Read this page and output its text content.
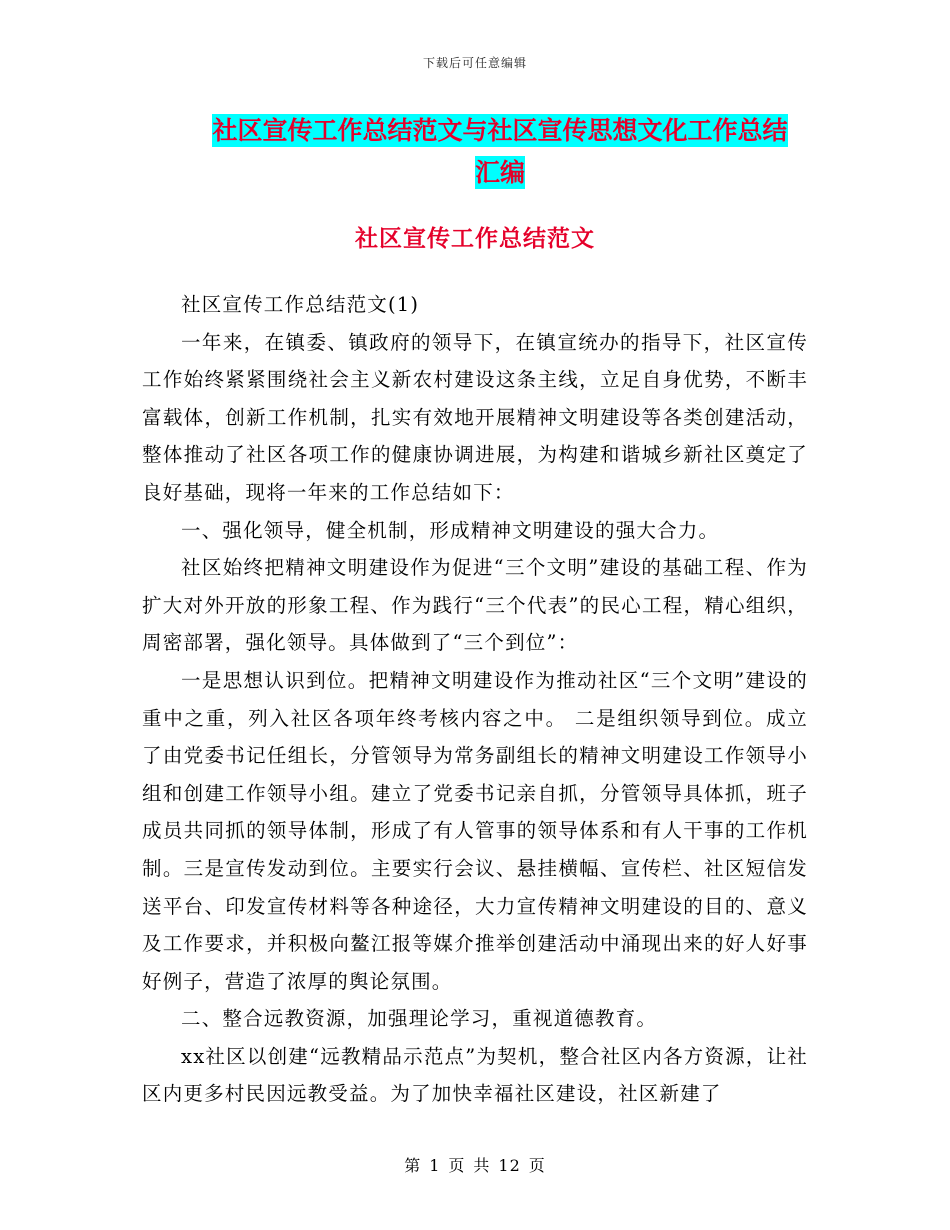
下载后可任意编辑
社区宣传工作总结范文与社区宣传思想文化工作总结
汇编
社区宣传工作总结范文

社区宣传工作总结范文(1)

一年来，在镇委、镇政府的领导下，在镇宣统办的指导下，社区宣传工作始终紧紧围绕社会主义新农村建设这条主线，立足自身优势，不断丰富载体，创新工作机制，扎实有效地开展精神文明建设等各类创建活动，整体推动了社区各项工作的健康协调进展，为构建和谐城乡新社区奠定了良好基础，现将一年来的工作总结如下：

一、强化领导，健全机制，形成精神文明建设的强大合力。

社区始终把精神文明建设作为促进“三个文明”建设的基础工程、作为扩大对外开放的形象工程、作为践行“三个代表”的民心工程，精心组织，周密部署，强化领导。具体做到了“三个到位”：

一是思想认识到位。把精神文明建设作为推动社区“三个文明”建设的重中之重，列入社区各项年终考核内容之中。 二是组织领导到位。成立了由党委书记任组长，分管领导为常务副组长的精神文明建设工作领导小组和创建工作领导小组。建立了党委书记亲自抓，分管领导具体抓，班子成员共同抓的领导体制，形成了有人管事的领导体系和有人干事的工作机制。三是宣传发动到位。主要实行会议、悬挂横幅、宣传栏、社区短信发送平台、印发宣传材料等各种途径，大力宣传精神文明建设的目的、意义及工作要求，并积极向鳌江报等媒介推举创建活动中涌现出来的好人好事好例子，营造了浓厚的舆论氛围。

二、整合远教资源，加强理论学习，重视道德教育。

xx社区以创建“远教精品示范点”为契机，整合社区内各方资源，让社区内更多村民因远教受益。为了加快幸福社区建设，社区新建了

第 1 页 共 12 页
